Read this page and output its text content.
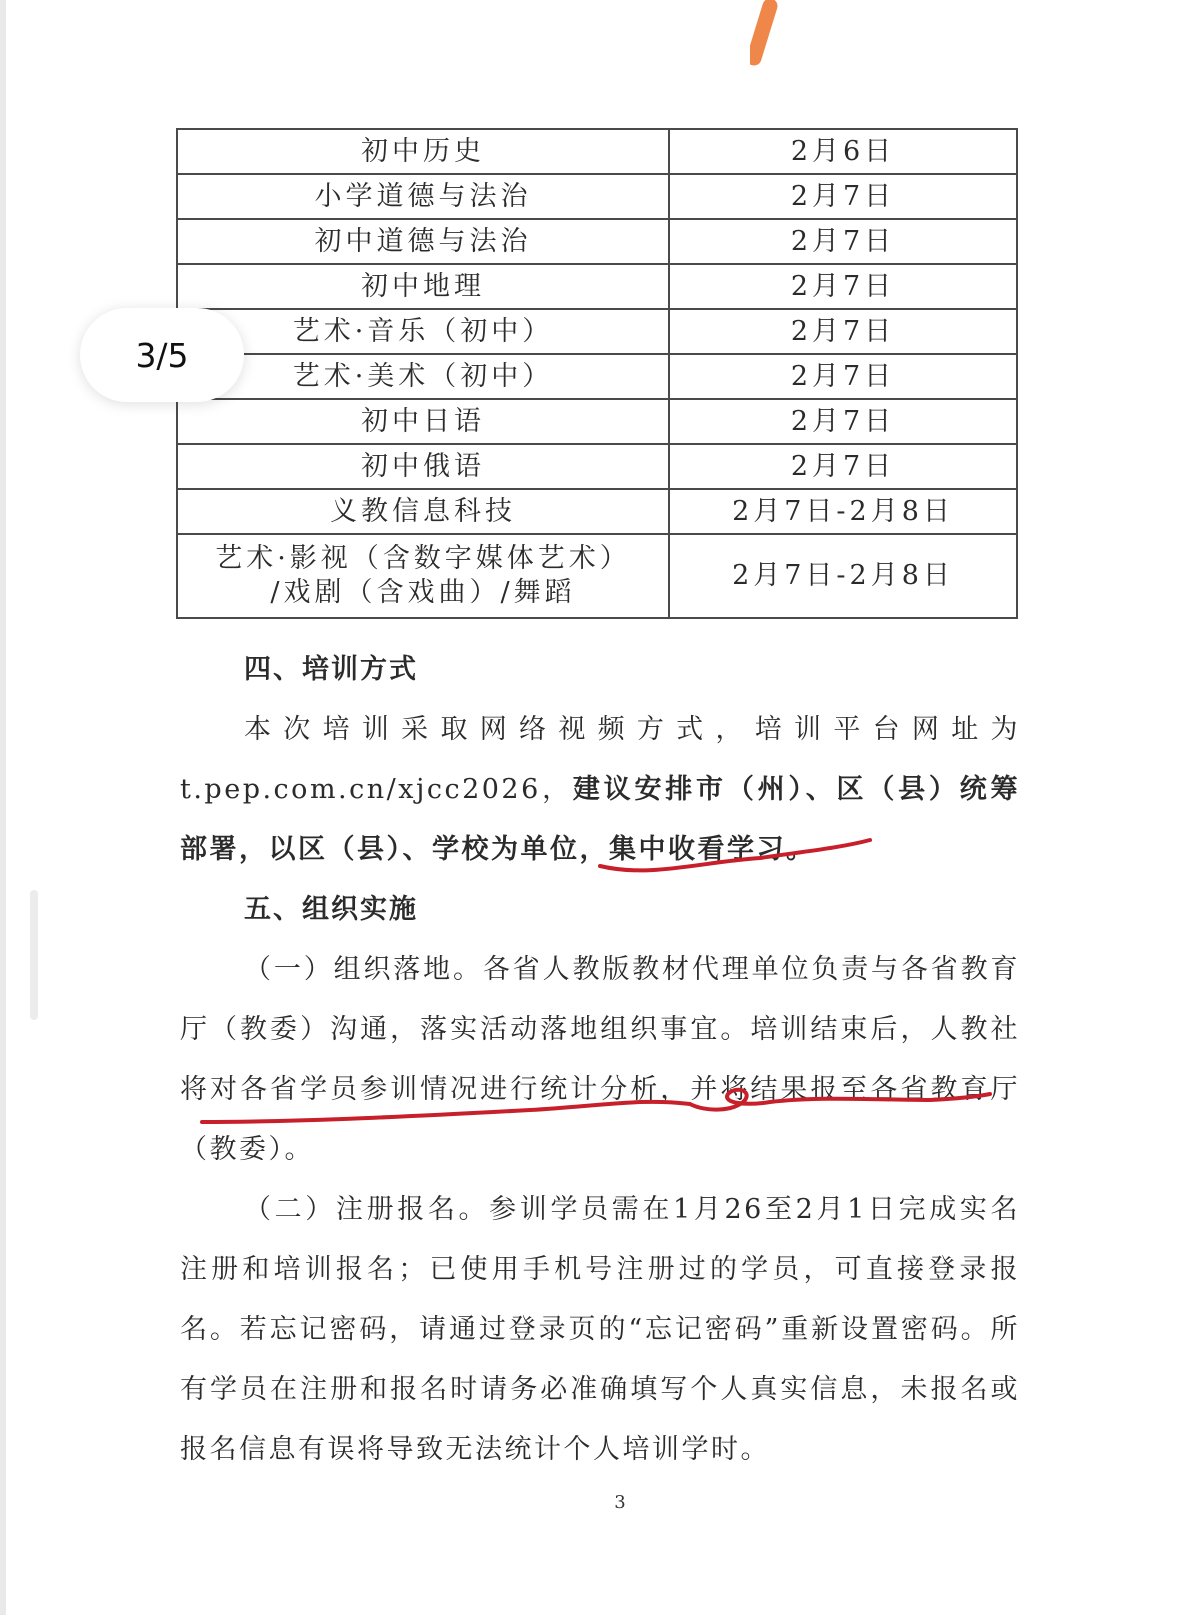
3/5
初中历史	2月6日
小学道德与法治	2月7日
初中道德与法治	2月7日
初中地理	2月7日
艺术·音乐（初中）	2月7日
艺术·美术（初中）	2月7日
初中日语	2月7日
初中俄语	2月7日
义教信息科技	2月7日-2月8日

艺术·影视（含数字媒体艺术）
/戏剧（含戏曲）/舞蹈	2月7日-2月8日

四、培训方式

本次培训采取网络视频方式，培训平台网址为t.pep.com.cn/xjcc2026，建议安排市（州）、区（县）统筹部署，以区（县）、学校为单位，集中收看学习。

五、组织实施

（一）组织落地。各省人教版教材代理单位负责与各省教育厅（教委）沟通，落实活动落地组织事宜。培训结束后，人教社将对各省学员参训情况进行统计分析，并将结果报至各省教育厅（教委）。

（二）注册报名。参训学员需在1月26至2月1日完成实名注册和培训报名；已使用手机号注册过的学员，可直接登录报名。若忘记密码，请通过登录页的“忘记密码”重新设置密码。所有学员在注册和报名时请务必准确填写个人真实信息，未报名或报名信息有误将导致无法统计个人培训学时。

3
